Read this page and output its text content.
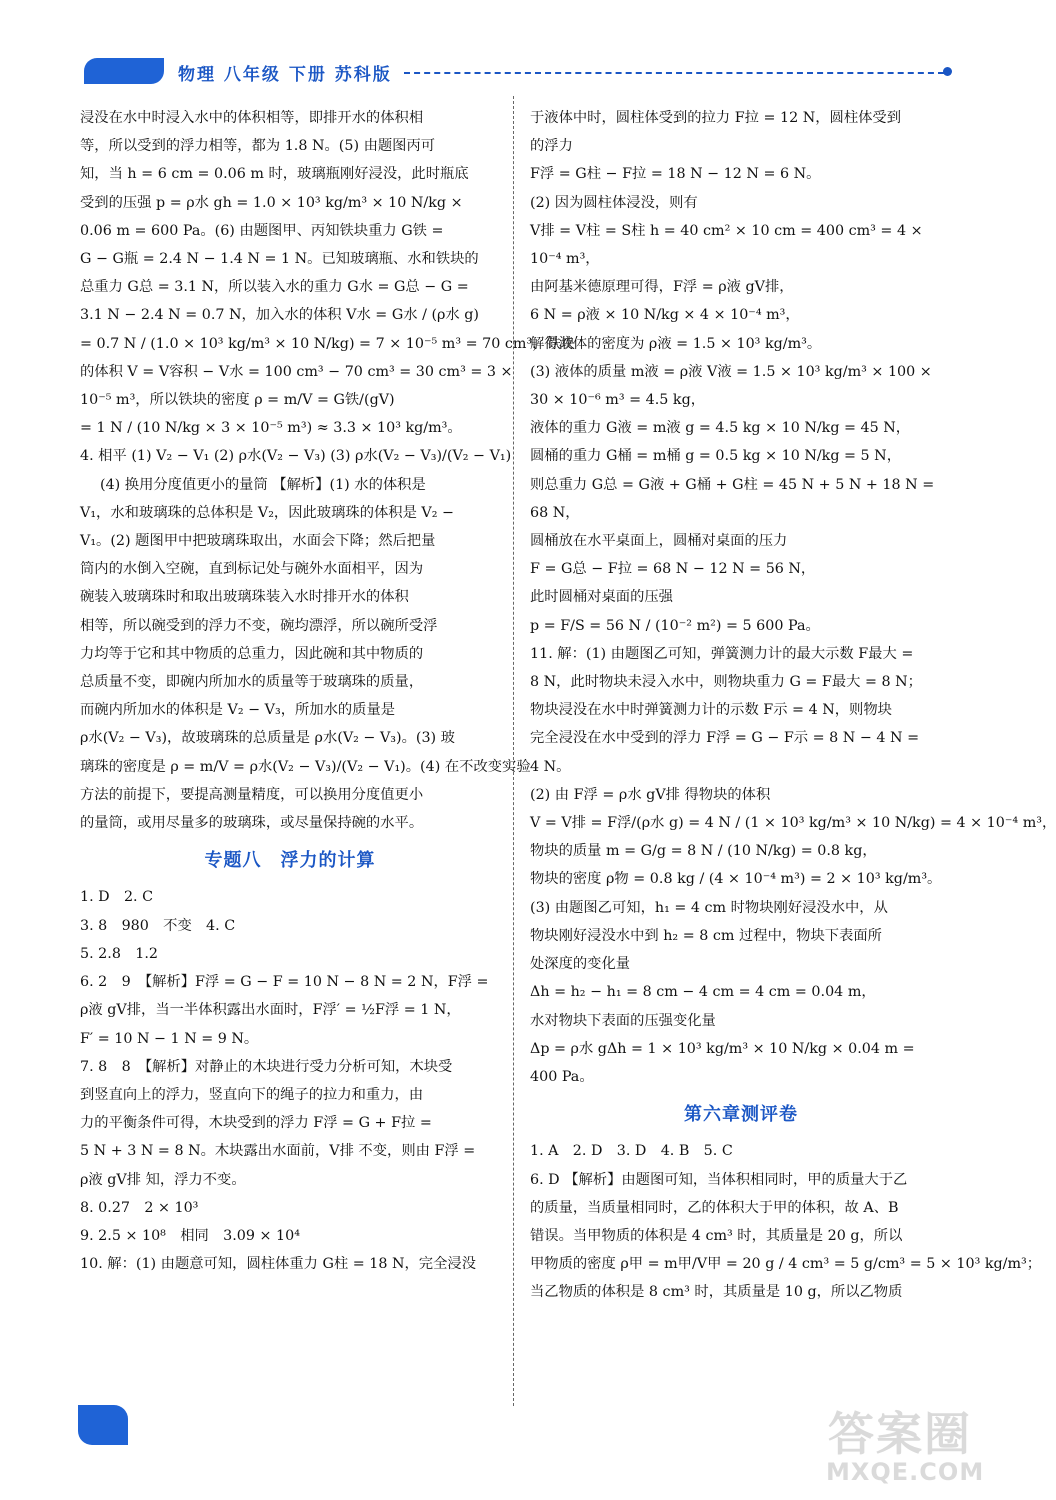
物理 八年级 下册 苏科版

浸没在水中时浸入水中的体积相等，即排开水的体积相

等，所以受到的浮力相等，都为 1.8 N。(5) 由题图丙可

知，当 h = 6 cm = 0.06 m 时，玻璃瓶刚好浸没，此时瓶底

受到的压强 p = ρ水 gh = 1.0 × 10³ kg/m³ × 10 N/kg ×

0.06 m = 600 Pa。(6) 由题图甲、丙知铁块重力 G铁 =

G − G瓶 = 2.4 N − 1.4 N = 1 N。已知玻璃瓶、水和铁块的

总重力 G总 = 3.1 N，所以装入水的重力 G水 = G总 − G =

3.1 N − 2.4 N = 0.7 N，加入水的体积 V水 = G水 / (ρ水 g)

= 0.7 N / (1.0 × 10³ kg/m³ × 10 N/kg) = 7 × 10⁻⁵ m³ = 70 cm³，铁块

的体积 V = V容积 − V水 = 100 cm³ − 70 cm³ = 30 cm³ = 3 ×

10⁻⁵ m³，所以铁块的密度 ρ = m/V = G铁/(gV)

= 1 N / (10 N/kg × 3 × 10⁻⁵ m³) ≈ 3.3 × 10³ kg/m³。

4. 相平 (1) V₂ − V₁ (2) ρ水(V₂ − V₃) (3) ρ水(V₂ − V₃)/(V₂ − V₁)

(4) 换用分度值更小的量筒 【解析】(1) 水的体积是

V₁，水和玻璃珠的总体积是 V₂，因此玻璃珠的体积是 V₂ −

V₁。(2) 题图甲中把玻璃珠取出，水面会下降；然后把量

筒内的水倒入空碗，直到标记处与碗外水面相平，因为

碗装入玻璃珠时和取出玻璃珠装入水时排开水的体积

相等，所以碗受到的浮力不变，碗均漂浮，所以碗所受浮

力均等于它和其中物质的总重力，因此碗和其中物质的

总质量不变，即碗内所加水的质量等于玻璃珠的质量，

而碗内所加水的体积是 V₂ − V₃，所加水的质量是

ρ水(V₂ − V₃)，故玻璃珠的总质量是 ρ水(V₂ − V₃)。(3) 玻

璃珠的密度是 ρ = m/V = ρ水(V₂ − V₃)/(V₂ − V₁)。(4) 在不改变实验

方法的前提下，要提高测量精度，可以换用分度值更小

的量筒，或用尽量多的玻璃珠，或尽量保持碗的水平。

专题八　浮力的计算

1. D　2. C

3. 8　980　不变　4. C

5. 2.8　1.2

6. 2　9　【解析】F浮 = G − F = 10 N − 8 N = 2 N，F浮 =

ρ液 gV排，当一半体积露出水面时，F浮′ = ½F浮 = 1 N，

F′ = 10 N − 1 N = 9 N。

7. 8　8　【解析】对静止的木块进行受力分析可知，木块受

到竖直向上的浮力，竖直向下的绳子的拉力和重力，由

力的平衡条件可得，木块受到的浮力 F浮 = G + F拉 =

5 N + 3 N = 8 N。木块露出水面前，V排 不变，则由 F浮 =

ρ液 gV排 知，浮力不变。

8. 0.27　2 × 10³

9. 2.5 × 10⁸　相同　3.09 × 10⁴

10. 解：(1) 由题意可知，圆柱体重力 G柱 = 18 N，完全浸没

于液体中时，圆柱体受到的拉力 F拉 = 12 N，圆柱体受到

的浮力

F浮 = G柱 − F拉 = 18 N − 12 N = 6 N。

(2) 因为圆柱体浸没，则有

V排 = V柱 = S柱 h = 40 cm² × 10 cm = 400 cm³ = 4 ×

10⁻⁴ m³，

由阿基米德原理可得，F浮 = ρ液 gV排，

6 N = ρ液 × 10 N/kg × 4 × 10⁻⁴ m³，

解得液体的密度为 ρ液 = 1.5 × 10³ kg/m³。

(3) 液体的质量 m液 = ρ液 V液 = 1.5 × 10³ kg/m³ × 100 ×

30 × 10⁻⁶ m³ = 4.5 kg，

液体的重力 G液 = m液 g = 4.5 kg × 10 N/kg = 45 N，

圆桶的重力 G桶 = m桶 g = 0.5 kg × 10 N/kg = 5 N，

则总重力 G总 = G液 + G桶 + G柱 = 45 N + 5 N + 18 N =

68 N，

圆桶放在水平桌面上，圆桶对桌面的压力

F = G总 − F拉 = 68 N − 12 N = 56 N，

此时圆桶对桌面的压强

p = F/S = 56 N / (10⁻² m²) = 5 600 Pa。

11. 解：(1) 由题图乙可知，弹簧测力计的最大示数 F最大 =

8 N，此时物块未浸入水中，则物块重力 G = F最大 = 8 N；

物块浸没在水中时弹簧测力计的示数 F示 = 4 N，则物块

完全浸没在水中受到的浮力 F浮 = G − F示 = 8 N − 4 N =

4 N。

(2) 由 F浮 = ρ水 gV排 得物块的体积

V = V排 = F浮/(ρ水 g) = 4 N / (1 × 10³ kg/m³ × 10 N/kg) = 4 × 10⁻⁴ m³，

物块的质量 m = G/g = 8 N / (10 N/kg) = 0.8 kg，

物块的密度 ρ物 = 0.8 kg / (4 × 10⁻⁴ m³) = 2 × 10³ kg/m³。

(3) 由题图乙可知，h₁ = 4 cm 时物块刚好浸没水中，从

物块刚好浸没水中到 h₂ = 8 cm 过程中，物块下表面所

处深度的变化量

Δh = h₂ − h₁ = 8 cm − 4 cm = 4 cm = 0.04 m，

水对物块下表面的压强变化量

Δp = ρ水 gΔh = 1 × 10³ kg/m³ × 10 N/kg × 0.04 m =

400 Pa。

第六章测评卷

1. A　2. D　3. D　4. B　5. C

6. D 【解析】由题图可知，当体积相同时，甲的质量大于乙

的质量，当质量相同时，乙的体积大于甲的体积，故 A、B

错误。当甲物质的体积是 4 cm³ 时，其质量是 20 g，所以

甲物质的密度 ρ甲 = m甲/V甲 = 20 g / 4 cm³ = 5 g/cm³ = 5 × 10³ kg/m³；

当乙物质的体积是 8 cm³ 时，其质量是 10 g，所以乙物质

答案圈
MXQE.COM
